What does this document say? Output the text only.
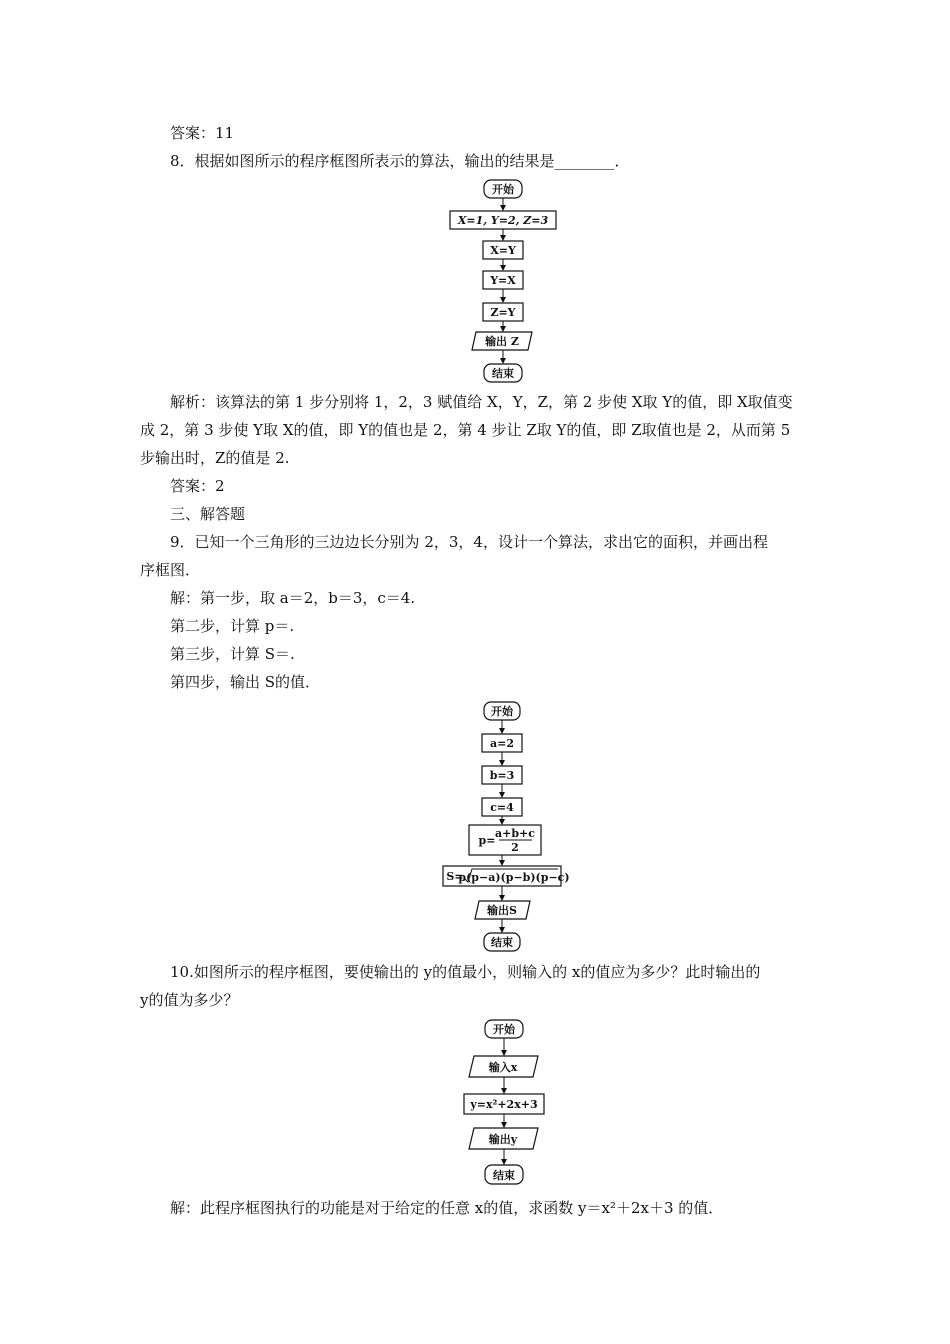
答案：11
8．根据如图所示的程序框图所表示的算法，输出的结果是________．
开始
X=1, Y=2, Z=3
X=Y
Y=X
Z=Y
输出 Z
结束
开始
a=2
b=3
c=4
p=
a+b+c
2
S=
p(p−a)(p−b)(p−c)
输出S
结束
开始
输入x
y=x²+2x+3
输出y
结束
解析：该算法的第 1 步分别将 1，2，3 赋值给 X，Y，Z，第 2 步使 X取 Y的值，即 X取值变
成 2，第 3 步使 Y取 X的值，即 Y的值也是 2，第 4 步让 Z取 Y的值，即 Z取值也是 2，从而第 5
步输出时，Z的值是 2.
答案：2
三、解答题
9．已知一个三角形的三边边长分别为 2，3，4，设计一个算法，求出它的面积，并画出程
序框图．
解：第一步，取 a＝2，b＝3，c＝4.
第二步，计算 p＝.
第三步，计算 S＝.
第四步，输出 S的值．
10.如图所示的程序框图，要使输出的 y的值最小，则输入的 x的值应为多少？此时输出的
y的值为多少？
解：此程序框图执行的功能是对于给定的任意 x的值，求函数 y＝x²＋2x＋3 的值．
